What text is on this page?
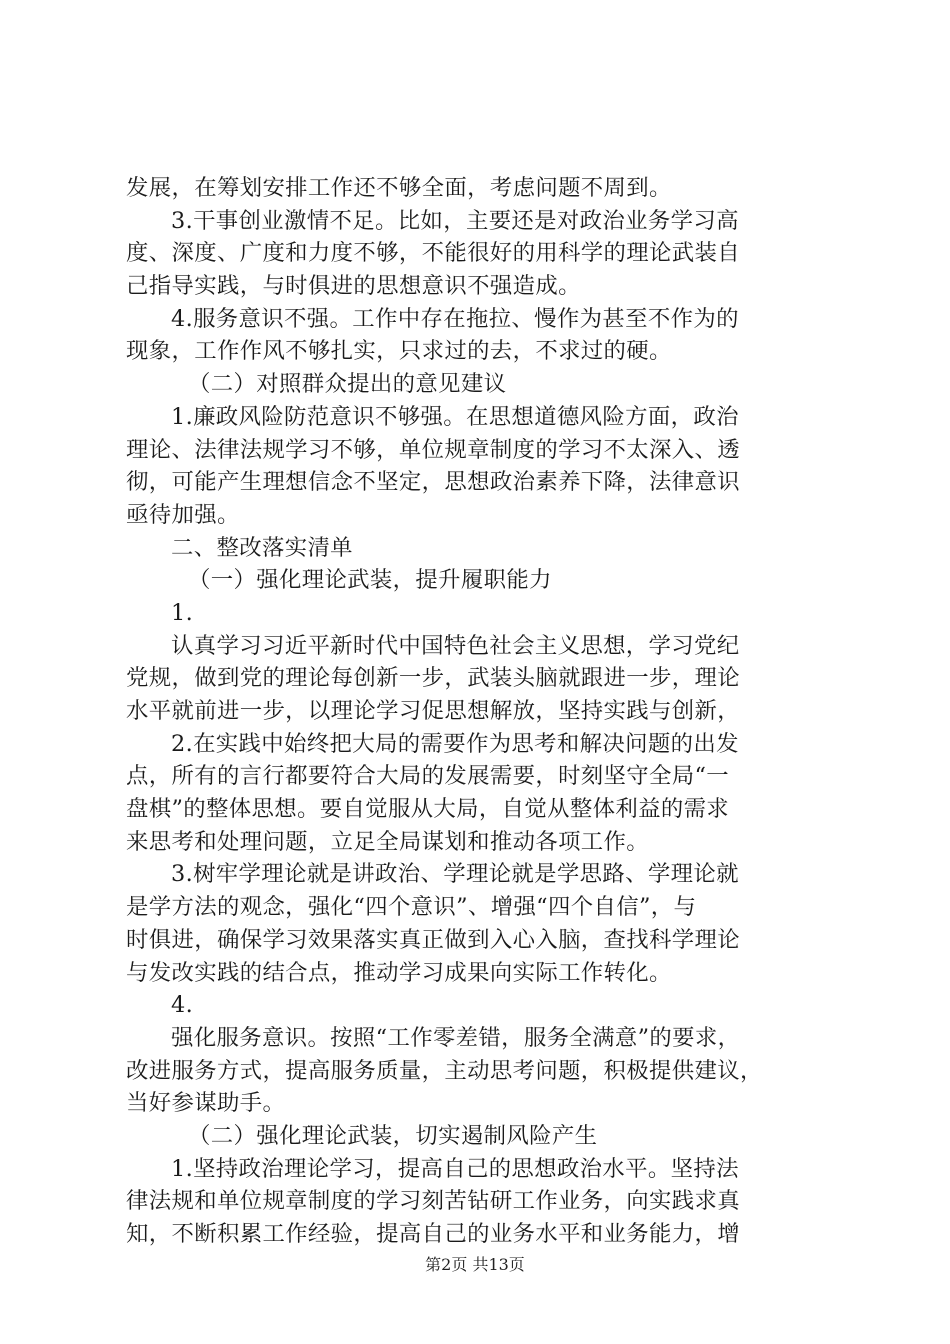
发展，在筹划安排工作还不够全面，考虑问题不周到。
3.干事创业激情不足。比如，主要还是对政治业务学习高
度、深度、广度和力度不够，不能很好的用科学的理论武装自
己指导实践，与时俱进的思想意识不强造成。
4.服务意识不强。工作中存在拖拉、慢作为甚至不作为的
现象，工作作风不够扎实，只求过的去，不求过的硬。
（二）对照群众提出的意见建议
1.廉政风险防范意识不够强。在思想道德风险方面，政治
理论、法律法规学习不够，单位规章制度的学习不太深入、透
彻，可能产生理想信念不坚定，思想政治素养下降，法律意识
亟待加强。
二、整改落实清单
（一）强化理论武装，提升履职能力
1.
认真学习习近平新时代中国特色社会主义思想，学习党纪
党规，做到党的理论每创新一步，武装头脑就跟进一步，理论
水平就前进一步，以理论学习促思想解放，坚持实践与创新，
2.在实践中始终把大局的需要作为思考和解决问题的出发
点，所有的言行都要符合大局的发展需要，时刻坚守全局“一
盘棋”的整体思想。要自觉服从大局，自觉从整体利益的需求
来思考和处理问题，立足全局谋划和推动各项工作。
3.树牢学理论就是讲政治、学理论就是学思路、学理论就
是学方法的观念，强化“四个意识”、增强“四个自信”，与
时俱进，确保学习效果落实真正做到入心入脑，查找科学理论
与发改实践的结合点，推动学习成果向实际工作转化。
4.
强化服务意识。按照“工作零差错，服务全满意”的要求，
改进服务方式，提高服务质量，主动思考问题，积极提供建议，
当好参谋助手。
（二）强化理论武装，切实遏制风险产生
1.坚持政治理论学习，提高自己的思想政治水平。坚持法
律法规和单位规章制度的学习刻苦钻研工作业务，向实践求真
知，不断积累工作经验，提高自己的业务水平和业务能力，增
第2页 共13页
